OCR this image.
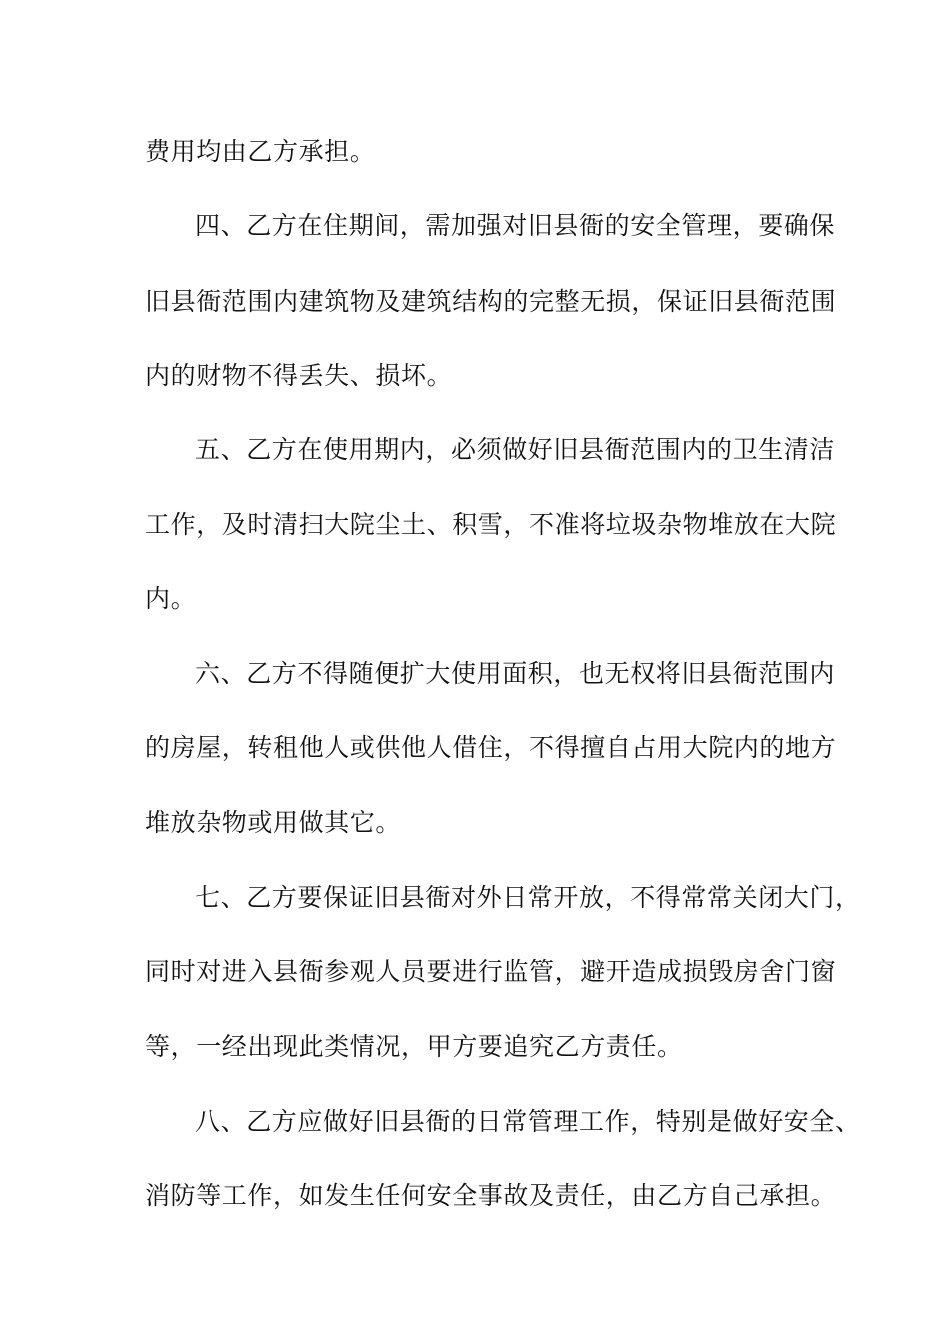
费用均由乙方承担。
四、乙方在住期间，需加强对旧县衙的安全管理，要确保
旧县衙范围内建筑物及建筑结构的完整无损，保证旧县衙范围
内的财物不得丢失、损坏。
五、乙方在使用期内，必须做好旧县衙范围内的卫生清洁
工作，及时清扫大院尘土、积雪，不准将垃圾杂物堆放在大院
内。
六、乙方不得随便扩大使用面积，也无权将旧县衙范围内
的房屋，转租他人或供他人借住，不得擅自占用大院内的地方
堆放杂物或用做其它。
七、乙方要保证旧县衙对外日常开放，不得常常关闭大门，
同时对进入县衙参观人员要进行监管，避开造成损毁房舍门窗
等，一经出现此类情况，甲方要追究乙方责任。
八、乙方应做好旧县衙的日常管理工作，特别是做好安全、
消防等工作，如发生任何安全事故及责任，由乙方自己承担。
